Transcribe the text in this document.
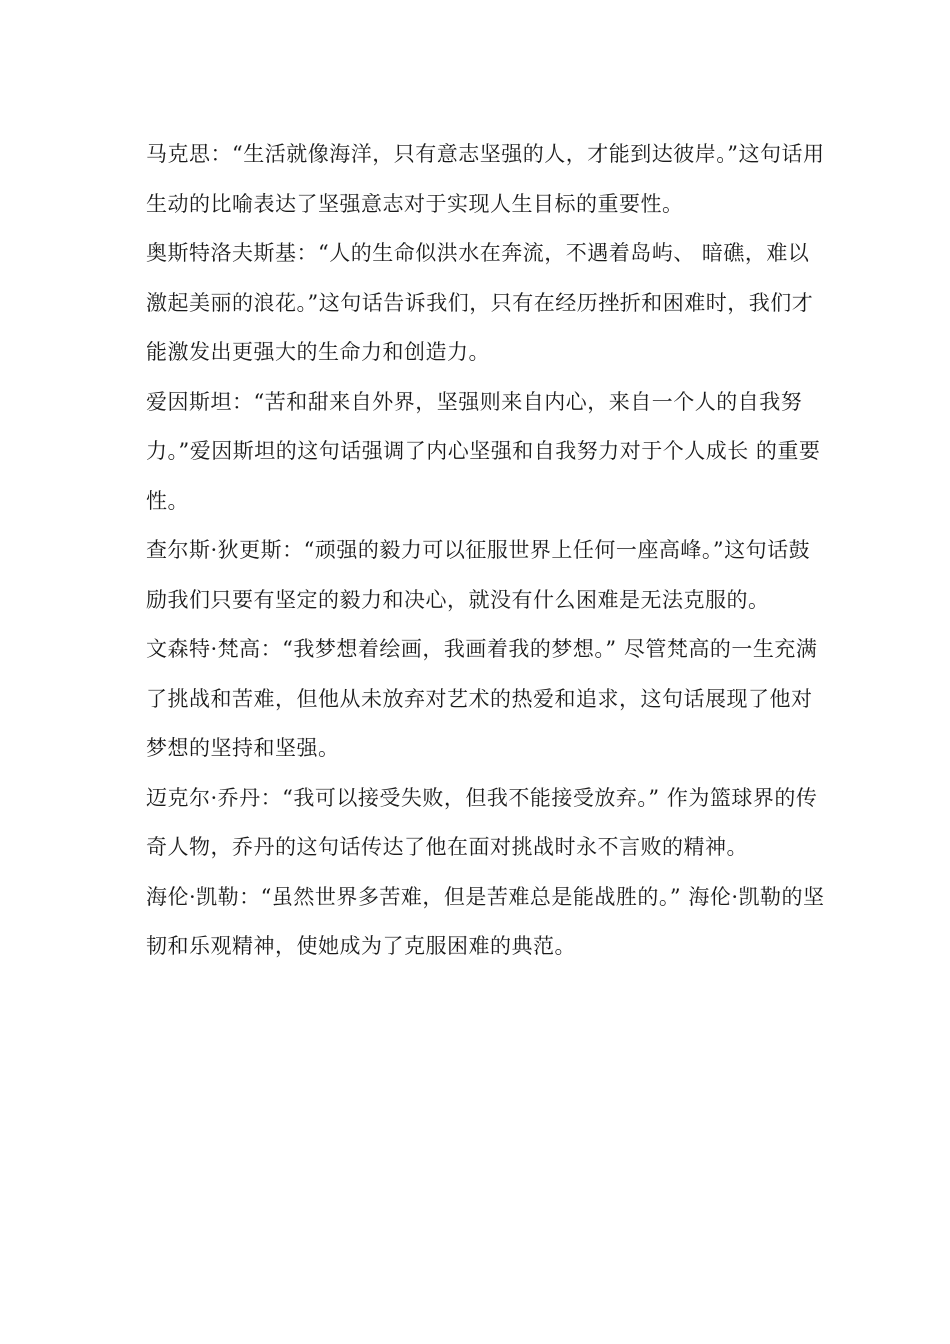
马克思：“生活就像海洋，只有意志坚强的人，才能到达彼岸。”这句话用生动的比喻表达了坚强意志对于实现人生目标的重要性。

奥斯特洛夫斯基：“人的生命似洪水在奔流，不遇着岛屿、 暗礁，难以激起美丽的浪花。”这句话告诉我们，只有在经历挫折和困难时，我们才能激发出更强大的生命力和创造力。

爱因斯坦：“苦和甜来自外界，坚强则来自内心，来自一个人的自我努力。”爱因斯坦的这句话强调了内心坚强和自我努力对于个人成长 的重要性。

查尔斯·狄更斯：“顽强的毅力可以征服世界上任何一座高峰。”这句话鼓励我们只要有坚定的毅力和决心，就没有什么困难是无法克服的。

文森特·梵高：“我梦想着绘画，我画着我的梦想。” 尽管梵高的一生充满了挑战和苦难，但他从未放弃对艺术的热爱和追求，这句话展现了他对梦想的坚持和坚强。

迈克尔·乔丹：“我可以接受失败，但我不能接受放弃。” 作为篮球界的传奇人物，乔丹的这句话传达了他在面对挑战时永不言败的精神。

海伦·凯勒：“虽然世界多苦难，但是苦难总是能战胜的。” 海伦·凯勒的坚韧和乐观精神，使她成为了克服困难的典范。
